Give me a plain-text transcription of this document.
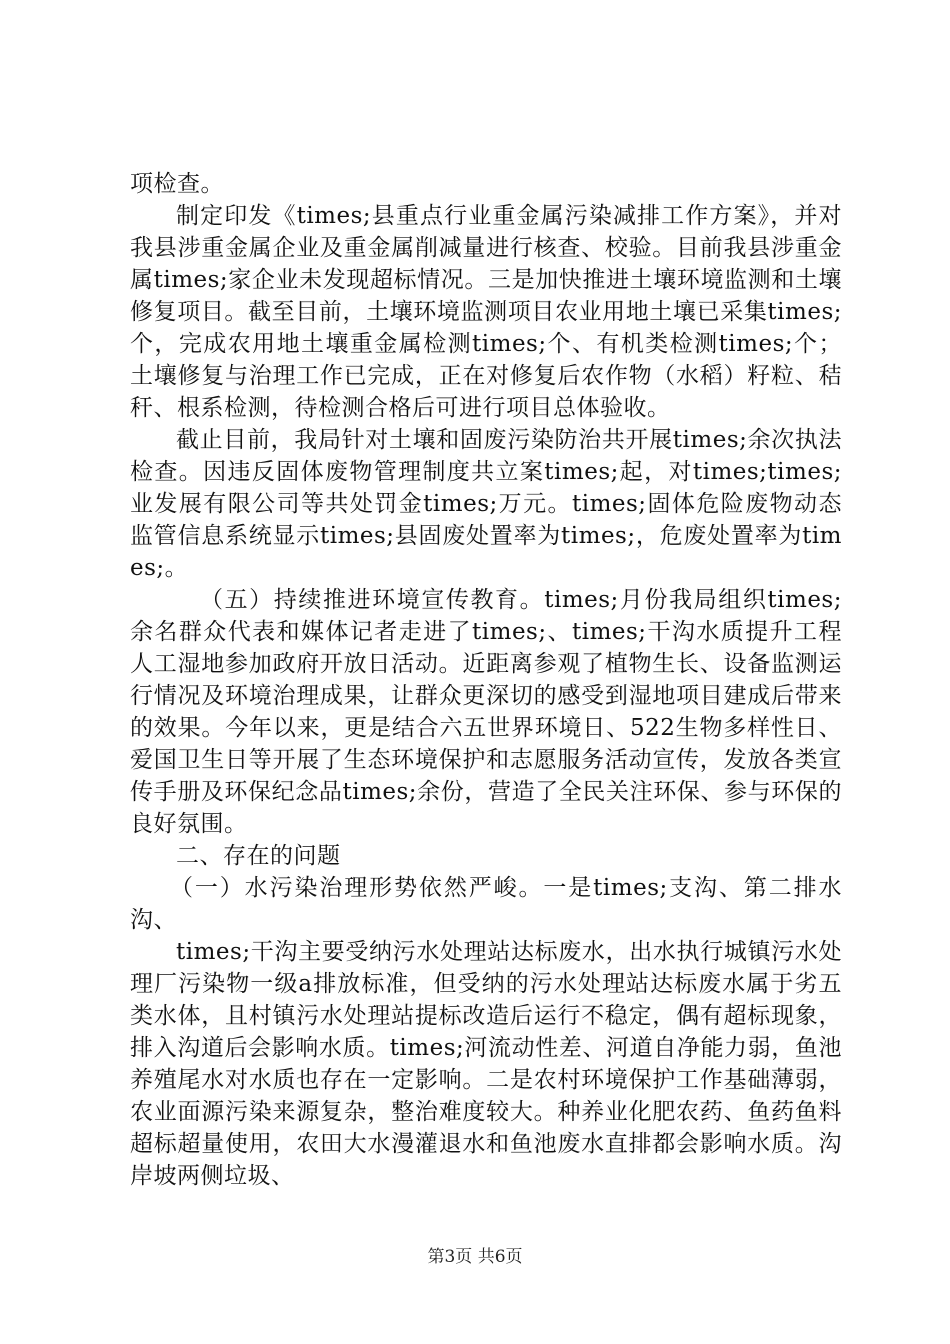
项检查。

制定印发《times;县重点行业重金属污染减排工作方案》，并对我县涉重金属企业及重金属削减量进行核查、校验。目前我县涉重金属times;家企业未发现超标情况。三是加快推进土壤环境监测和土壤修复项目。截至目前，土壤环境监测项目农业用地土壤已采集times;个，完成农用地土壤重金属检测times;个、有机类检测times;个；土壤修复与治理工作已完成，正在对修复后农作物（水稻）籽粒、秸秆、根系检测，待检测合格后可进行项目总体验收。

截止目前，我局针对土壤和固废污染防治共开展times;余次执法检查。因违反固体废物管理制度共立案times;起，对times;times;业发展有限公司等共处罚金times;万元。times;固体危险废物动态监管信息系统显示times;县固废处置率为times;，危废处置率为times;。

（五）持续推进环境宣传教育。times;月份我局组织times;余名群众代表和媒体记者走进了times;、times;干沟水质提升工程人工湿地参加政府开放日活动。近距离参观了植物生长、设备监测运行情况及环境治理成果，让群众更深切的感受到湿地项目建成后带来的效果。今年以来，更是结合六五世界环境日、522生物多样性日、爱国卫生日等开展了生态环境保护和志愿服务活动宣传，发放各类宣传手册及环保纪念品times;余份，营造了全民关注环保、参与环保的良好氛围。

二、存在的问题

（一）水污染治理形势依然严峻。一是times;支沟、第二排水沟、

times;干沟主要受纳污水处理站达标废水，出水执行城镇污水处理厂污染物一级a排放标准，但受纳的污水处理站达标废水属于劣五类水体，且村镇污水处理站提标改造后运行不稳定，偶有超标现象，排入沟道后会影响水质。times;河流动性差、河道自净能力弱，鱼池养殖尾水对水质也存在一定影响。二是农村环境保护工作基础薄弱，农业面源污染来源复杂，整治难度较大。种养业化肥农药、鱼药鱼料超标超量使用，农田大水漫灌退水和鱼池废水直排都会影响水质。沟岸坡两侧垃圾、

第3页 共6页
